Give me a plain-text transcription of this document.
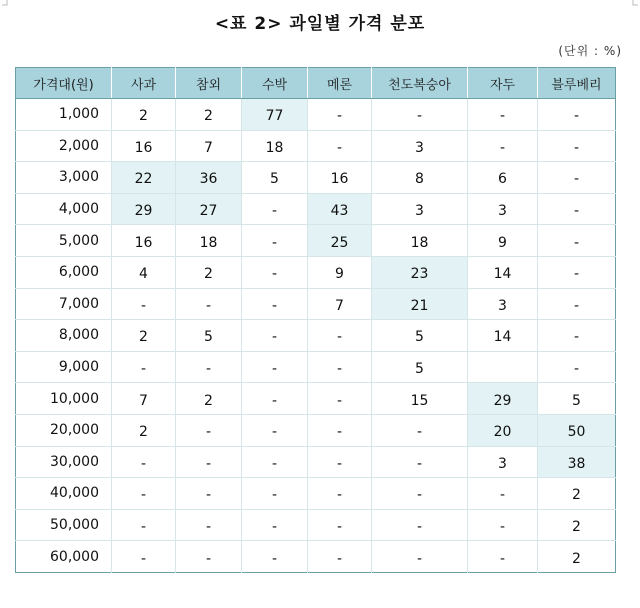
<표 2> 과일별 가격 분포
(단위 : %)
가격대(원)	사과	참외	수박	메론	천도복숭아	자두	블루베리
1,000	2	2	77	-	-	-	-
2,000	16	7	18	-	3	-	-
3,000	22	36	5	16	8	6	-
4,000	29	27	-	43	3	3	-
5,000	16	18	-	25	18	9	-
6,000	4	2	-	9	23	14	-
7,000	-	-	-	7	21	3	-
8,000	2	5	-	-	5	14	-
9,000	-	-	-	-	5		-
10,000	7	2	-	-	15	29	5
20,000	2	-	-	-	-	20	50
30,000	-	-	-	-	-	3	38
40,000	-	-	-	-	-	-	2
50,000	-	-	-	-	-	-	2
60,000	-	-	-	-	-	-	2
